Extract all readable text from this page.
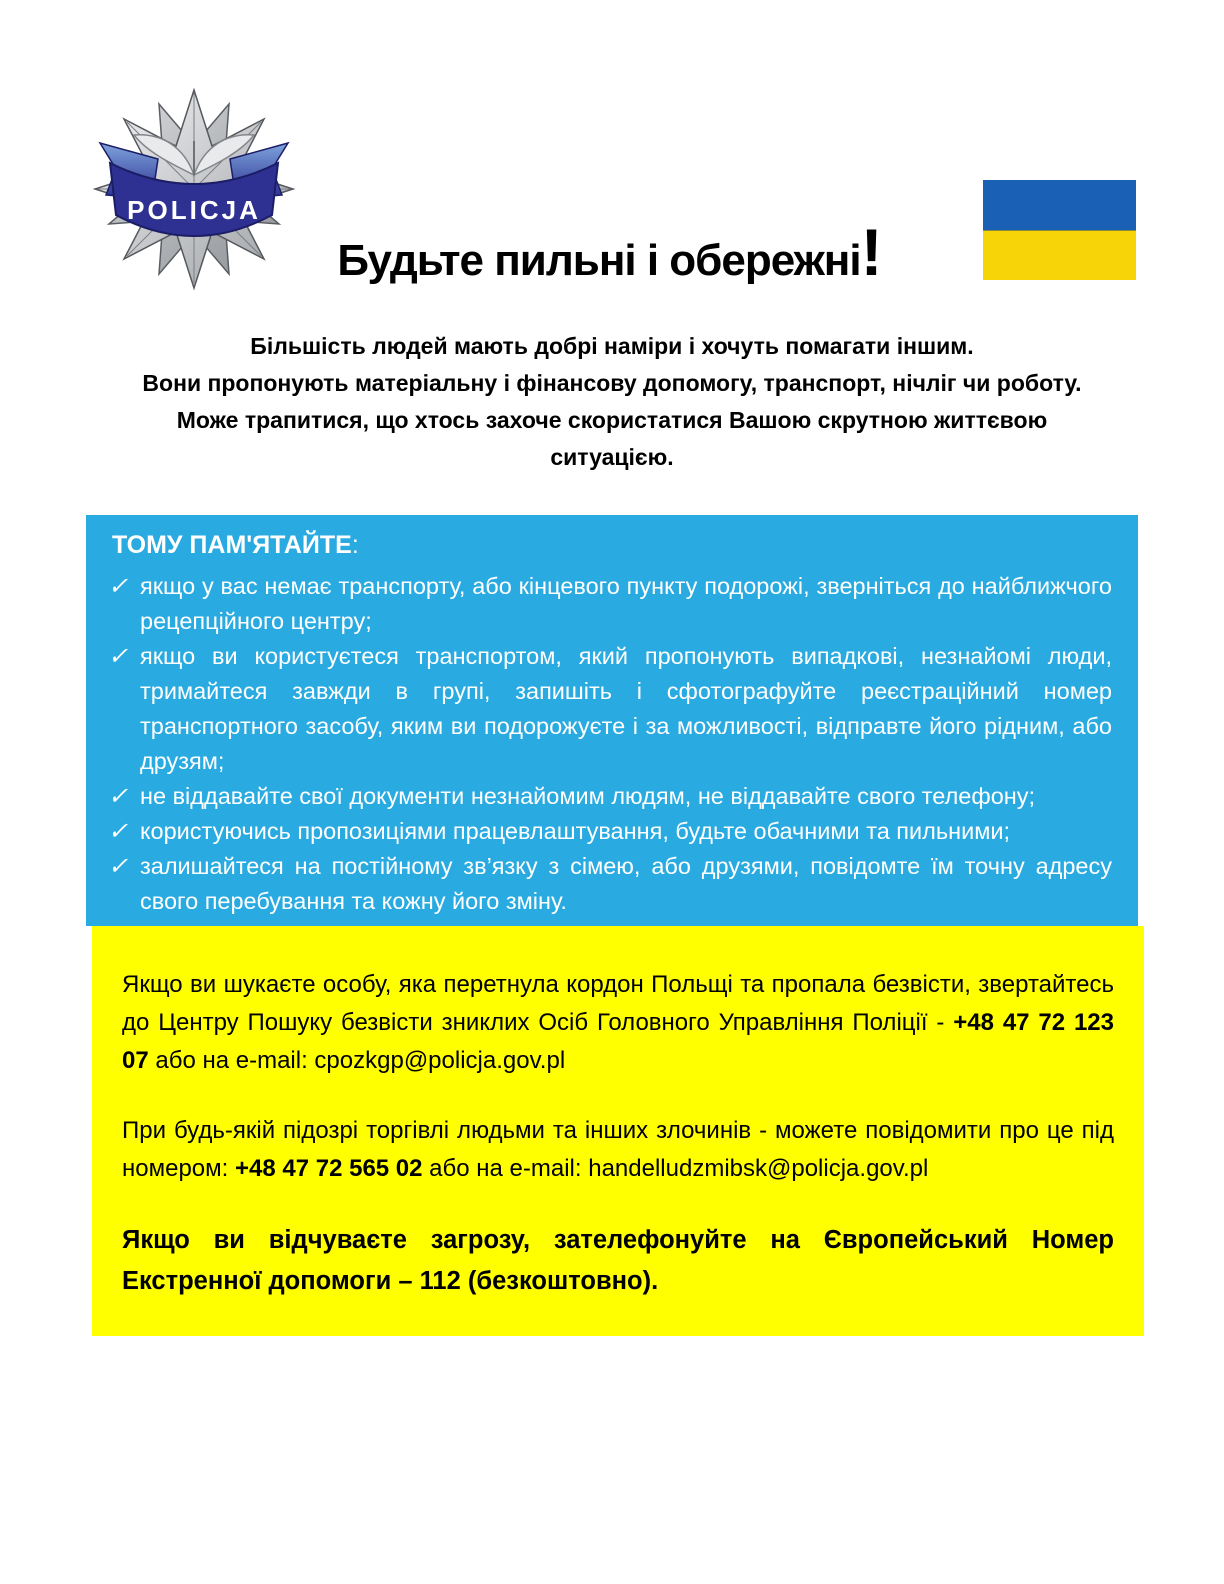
POLICJA
Будьте пильні і обережні!
Більшість людей мають добрі наміри і хочуть помагати іншим.
Вони пропонують матеріальну і фінансову допомогу, транспорт, нічліг чи роботу.
Може трапитися, що хтось захоче скористатися Вашою скрутною життєвою
ситуацією.
ТОМУ ПАМ'ЯТАЙТЕ:
✓ якщо у вас немає транспорту, або кінцевого пункту подорожі, зверніться до найближчого рецепційного центру;
✓ якщо ви користуєтеся транспортом, який пропонують випадкові, незнайомі люди, тримайтеся завжди в групі, запишіть і сфотографуйте реєстраційний номер транспортного засобу, яким ви подорожуєте і за можливості, відправте його рідним, або друзям;
✓ не віддавайте свої документи незнайомим людям, не віддавайте свого телефону;
✓ користуючись пропозиціями працевлаштування, будьте обачними та пильними;
✓ залишайтеся на постійному зв’язку з сімею, або друзями, повідомте їм точну адресу свого перебування та кожну його зміну.

Якщо ви шукаєте особу, яка перетнула кордон Польщі та пропала безвісти, звертайтесь до Центру Пошуку безвісти зниклих Осіб Головного Управління Поліції - +48 47 72 123 07 або на e-mail: cpozkgp@policja.gov.pl

При будь-якій підозрі торгівлі людьми та інших злочинів - можете повідомити про це під номером: +48 47 72 565 02 або на e-mail: handelludzmibsk@policja.gov.pl

Якщо ви відчуваєте загрозу, зателефонуйте на Європейський Номер Екстренної допомоги – 112 (безкоштовно).
